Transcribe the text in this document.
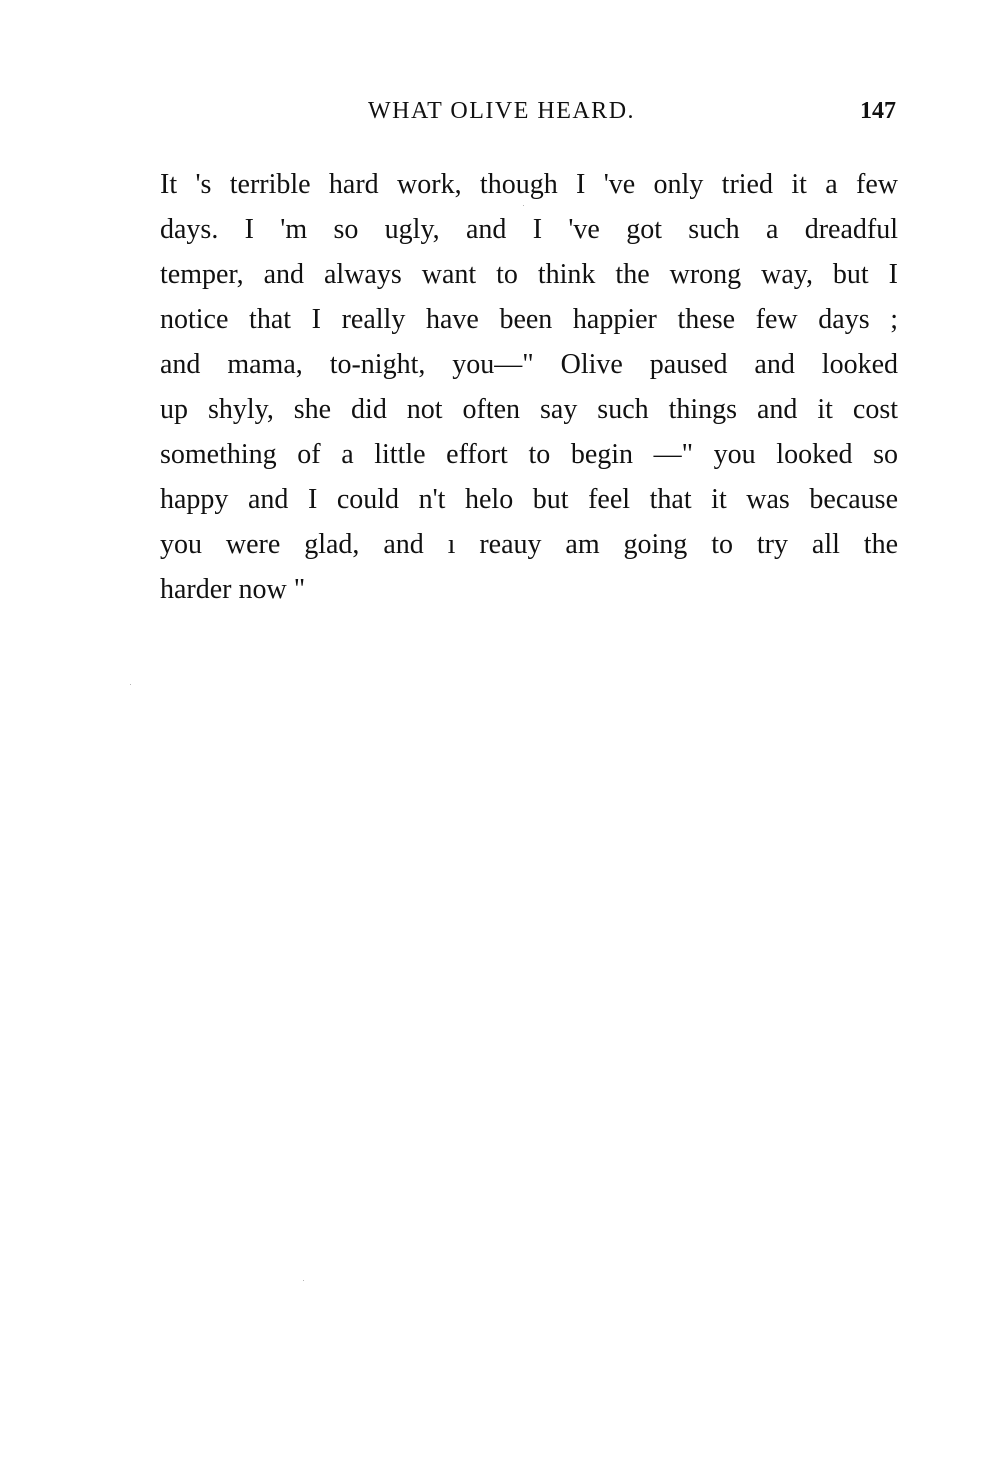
WHAT OLIVE HEARD.	147
It 's terrible hard work, though I 've only tried it a few
days. I 'm so ugly, and I 've got such a dreadful
temper, and always want to think the wrong way, but I
notice that I really have been happier these few days ;
and mama, to-night, you—" Olive paused and looked
up shyly, she did not often say such things and it cost
something of a little effort to begin —" you looked so
happy and I could n't helo but feel that it was because
you were glad, and ı reauy am going to try all the
harder now "
